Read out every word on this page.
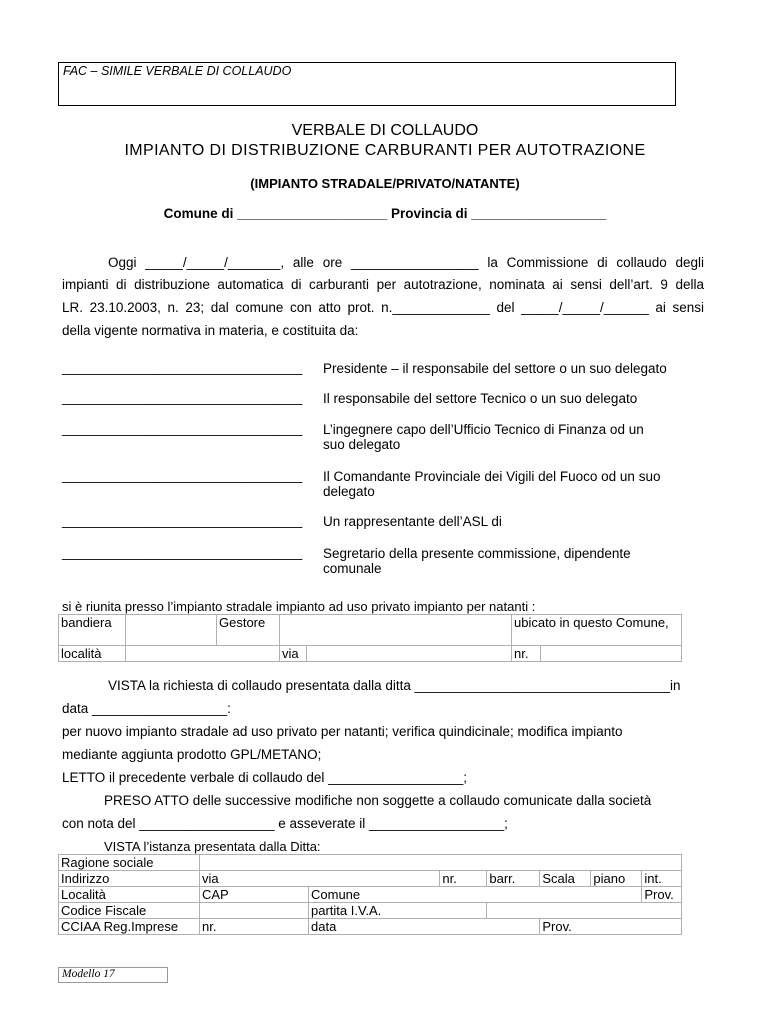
FAC – SIMILE VERBALE DI COLLAUDO
VERBALE DI COLLAUDO
IMPIANTO DI DISTRIBUZIONE CARBURANTI PER AUTOTRAZIONE
(IMPIANTO STRADALE/PRIVATO/NATANTE)
Comune di ____________________ Provincia di __________________
Oggi _____/_____/_______, alle ore _________________ la Commissione di collaudo degli
impianti di distribuzione automatica di carburanti per autotrazione, nominata ai sensi dell’art. 9 della
LR. 23.10.2003, n. 23; dal comune con atto prot. n._____________ del _____/_____/______ ai sensi
della vigente normativa in materia, e costituita da:
________________________________ Presidente – il responsabile del settore o un suo delegato
________________________________ Il responsabile del settore Tecnico o un suo delegato
________________________________ L’ingegnere capo dell’Ufficio Tecnico di Finanza od un suo delegato
________________________________ Il Comandante Provinciale dei Vigili del Fuoco od un suo delegato
________________________________ Un rappresentante dell’ASL di
________________________________ Segretario della presente commissione, dipendente comunale
si è riunita presso l’impianto stradale impianto ad uso privato impianto per natanti :
bandiera		Gestore			ubicato in questo Comune,	
località			via		nr.	
VISTA la richiesta di collaudo presentata dalla ditta __________________________________in
data __________________:
per nuovo impianto stradale ad uso privato per natanti; verifica quindicinale; modifica impianto
mediante aggiunta prodotto GPL/METANO;
LETTO il precedente verbale di collaudo del __________________;
PRESO ATTO delle successive modifiche non soggette a collaudo comunicate dalla società
con nota del __________________ e asseverate il __________________;
VISTA l’istanza presentata dalla Ditta:
Ragione sociale							
Indirizzo	via		nr.	barr.	Scala	piano	int.
Località	CAP	Comune					Prov.
Codice Fiscale		partita I.V.A.					
CCIAA Reg.Imprese	nr.	data			Prov.		
Modello 17
